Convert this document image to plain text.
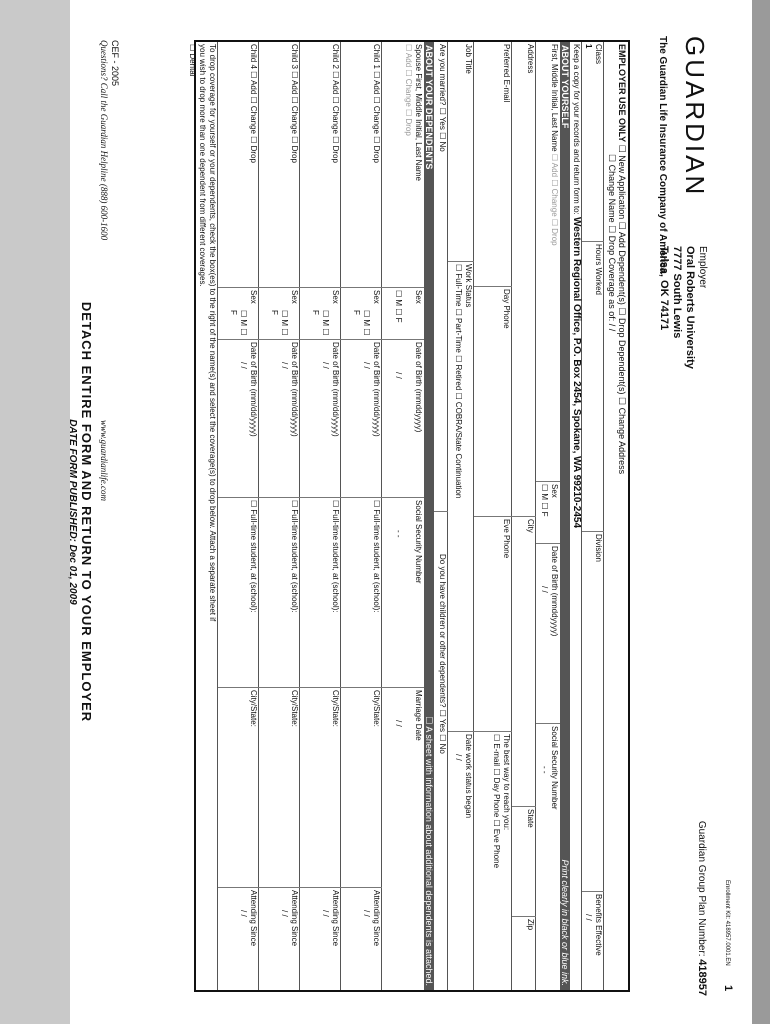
GUARDIAN
The Guardian Life Insurance Company of America	Employer
Oral Roberts University
7777 South Lewis
Tulsa, OK 74171
Guardian Group Plan Number: 418957
EMPLOYER USE ONLY ☐ New Application ☐ Add Dependent(s) ☐ Drop Dependent(s) ☐ Change Address
☐ Change Name ☐ Drop Coverage as of: / /
Class
1
Hours Worked
Division
Benefits Effective
/ /
Keep a copy for your records and return form to: Western Regional Office, P.O. Box 2454, Spokane, WA 99210-2454
ABOUT YOURSELF
Print clearly in black or blue ink.
First, Middle Initial, Last Name ☐ Add ☐ Change ☐ Drop
Sex
☐ M ☐ F
Date of Birth (mmddyyyy)
/ /
Social Security Number
- -
Address
City
State
Zip
Preferred E-mail
Day Phone
Eve Phone
The best way to reach you:
☐ E-mail ☐ Day Phone ☐ Eve Phone
Job Title
Work Status
☐ Full-Time ☐ Part-Time ☐ Retired ☐ COBRA/State Continuation
Date work status began
/ /
Are you married? ☐ Yes ☐ No
Do you have children or other dependents? ☐ Yes ☐ No
ABOUT YOUR DEPENDENTS
☐ A sheet with information about additional dependents is attached.
Spouse First, Middle Initial, Last Name
☐ Add ☐ Change ☐ Drop
Sex
☐ M ☐ F
Date of Birth (mmddyyyy)
/ /
Social Security Number
- -
Marriage Date
/ /
Child 1 ☐ Add ☐ Change ☐ Drop
Sex
☐ M ☐ F
Date of Birth (mm/dd/yyyy)
/ /
☐ Full-time student, at (school):
City/State:
Attending Since
/ /
Child 2 ☐ Add ☐ Change ☐ Drop
Sex
☐ M ☐ F
Date of Birth (mm/dd/yyyy)
/ /
☐ Full-time student, at (school):
City/State:
Attending Since
/ /
Child 3 ☐ Add ☐ Change ☐ Drop
Sex
☐ M ☐ F
Date of Birth (mm/dd/yyyy)
/ /
☐ Full-time student, at (school):
City/State:
Attending Since
/ /
Child 4 ☐ Add ☐ Change ☐ Drop
Sex
☐ M ☐ F
Date of Birth (mm/dd/yyyy)
/ /
☐ Full-time student, at (school):
City/State:
Attending Since
/ /
To drop coverage for yourself or your dependents, check the box(es) to the right of the name(s) and select the coverage(s) to drop below. Attach a separate sheet if
you wish to drop more than one dependent from different coverages.
☐ Dental
CEF - 2005
Questions? Call the Guardian Helpline (888) 600-1600
www.guardianlife.com
DETACH ENTIRE FORM AND RETURN TO YOUR EMPLOYER
DATE FORM PUBLISHED: Dec 01, 2009
Enrollment Kit: 418957.0001.EN
1
